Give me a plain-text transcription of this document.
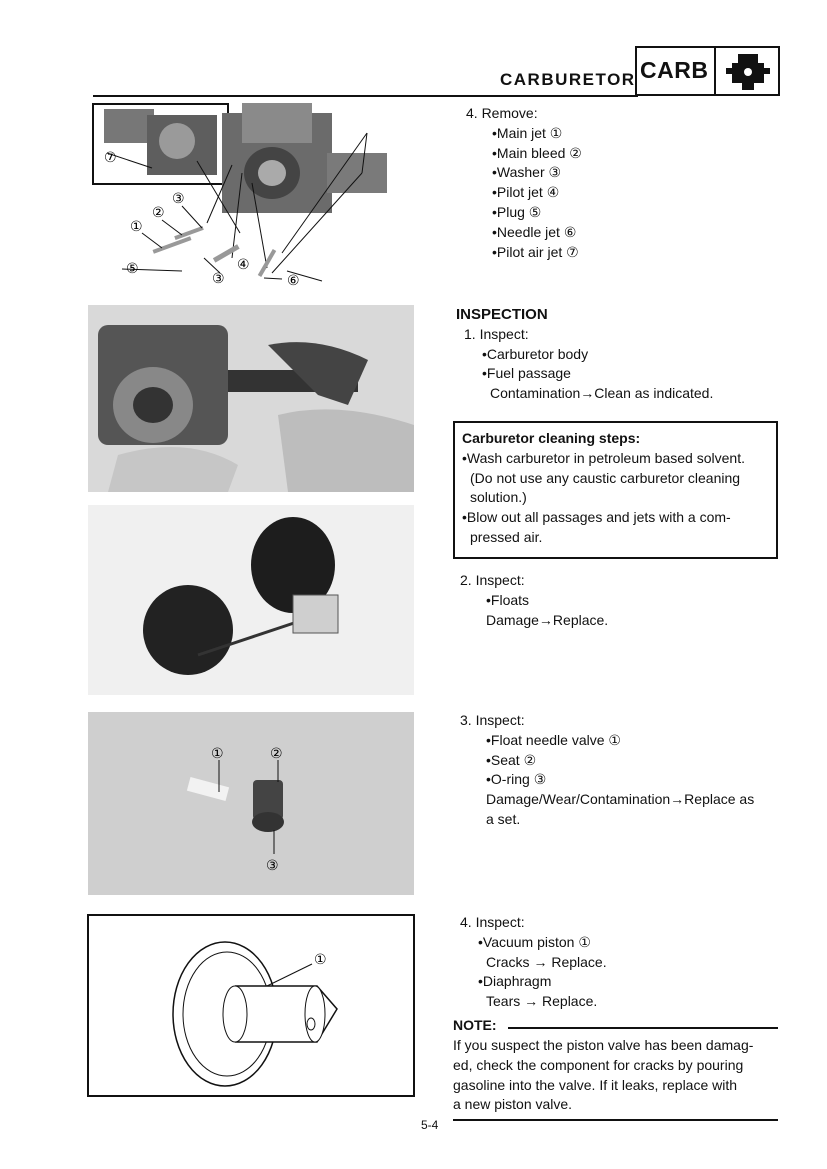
CARBURETOR CARB
⑦
①
②
③
⑤
③
④
⑥
①	②
③
①
4. Remove:
•Main jet ①
•Main bleed ②
•Washer ③
•Pilot jet ④
•Plug ⑤
•Needle jet ⑥
•Pilot air jet ⑦
INSPECTION
1. Inspect:
•Carburetor body
•Fuel passage
Contamination→Clean as indicated.
Carburetor cleaning steps:
•Wash carburetor in petroleum based solvent.
(Do not use any caustic carburetor cleaning
solution.)
•Blow out all passages and jets with a com-
pressed air.
2. Inspect:
•Floats
Damage→Replace.
3. Inspect:
•Float needle valve ①
•Seat ②
•O-ring ③
Damage/Wear/Contamination→Replace as
a set.
4. Inspect:
•Vacuum piston ①
Cracks → Replace.
•Diaphragm
Tears → Replace.
NOTE:
If you suspect the piston valve has been damag-
ed, check the component for cracks by pouring
gasoline into the valve. If it leaks, replace with
a new piston valve.
5-4
